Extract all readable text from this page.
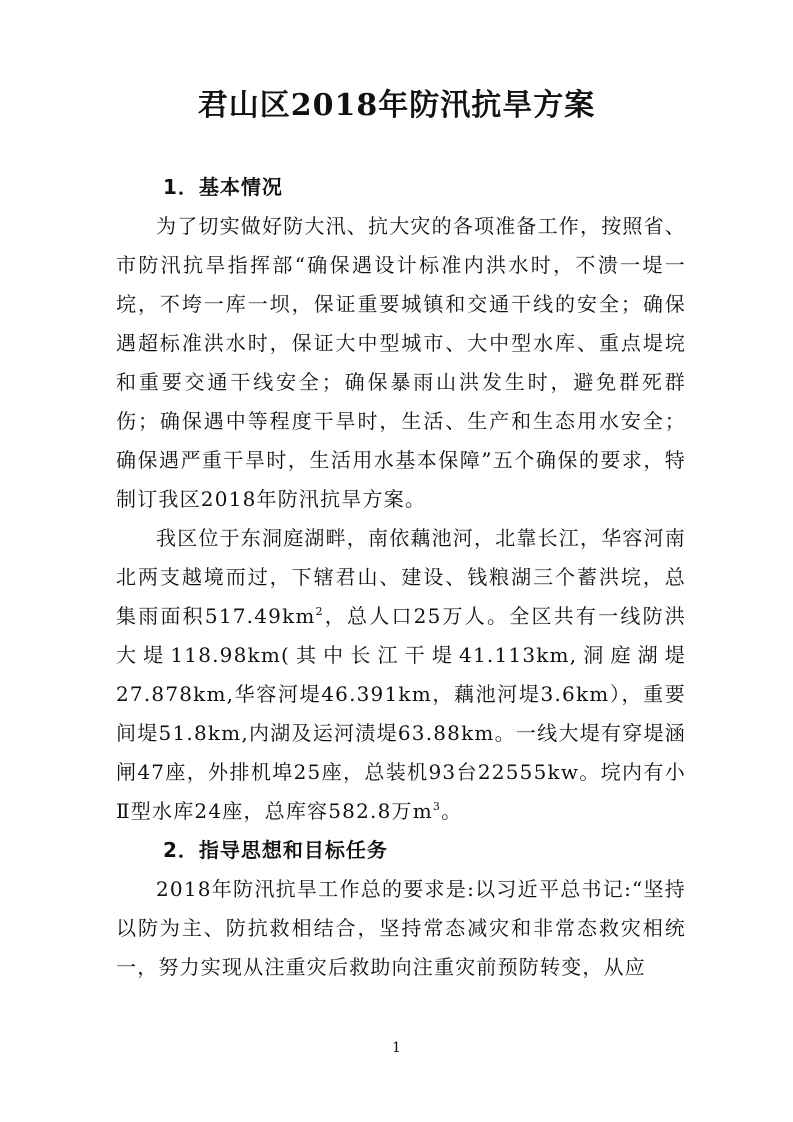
君山区2018年防汛抗旱方案

1．基本情况

为了切实做好防大汛、抗大灾的各项准备工作，按照省、市防汛抗旱指挥部“确保遇设计标准内洪水时，不溃一堤一垸，不垮一库一坝，保证重要城镇和交通干线的安全；确保遇超标准洪水时，保证大中型城市、大中型水库、重点堤垸和重要交通干线安全；确保暴雨山洪发生时，避免群死群伤；确保遇中等程度干旱时，生活、生产和生态用水安全；确保遇严重干旱时，生活用水基本保障”五个确保的要求，特制订我区2018年防汛抗旱方案。

我区位于东洞庭湖畔，南依藕池河，北靠长江，华容河南北两支越境而过，下辖君山、建设、钱粮湖三个蓄洪垸，总集雨面积$517.49km^2$，总人口25万人。全区共有一线防洪大堤118.98km(其中长江干堤41.113km,洞庭湖堤27.878km,华容河堤46.391km，藕池河堤3.6km），重要间堤51.8km,内湖及运河渍堤63.88km。一线大堤有穿堤涵闸47座，外排机埠25座，总装机93台22555kw。垸内有小Ⅱ型水库24座，总库容582.8万$m^3$。

2．指导思想和目标任务

2018年防汛抗旱工作总的要求是:以习近平总书记:“坚持以防为主、防抗救相结合，坚持常态减灾和非常态救灾相统一，努力实现从注重灾后救助向注重灾前预防转变，从应

1
